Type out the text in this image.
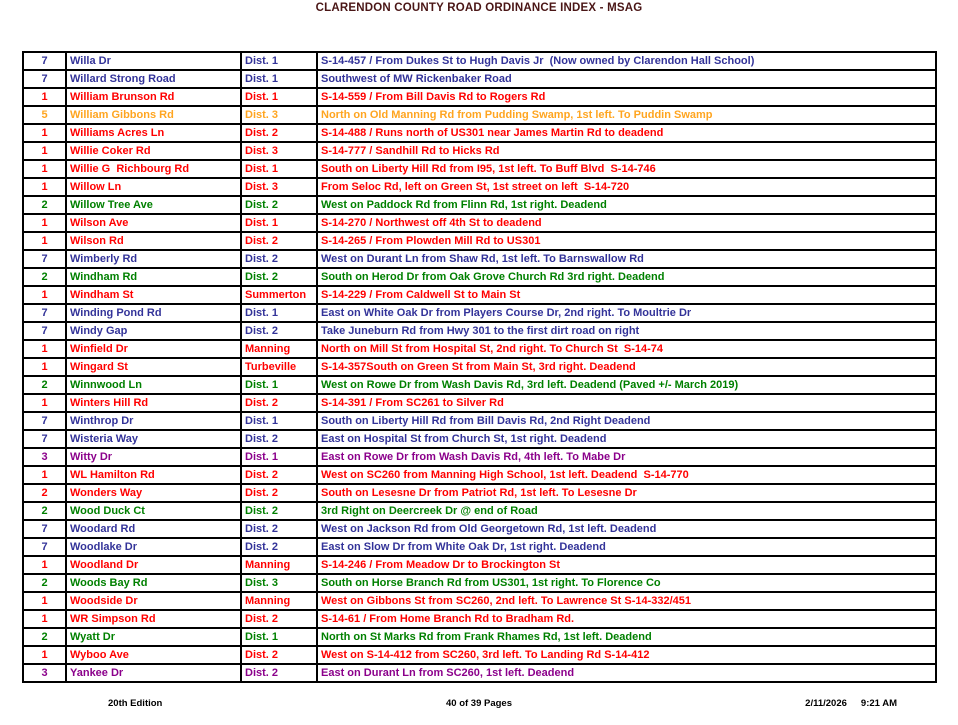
CLARENDON COUNTY ROAD ORDINANCE INDEX - MSAG
7	Willa Dr	Dist. 1	S-14-457 / From Dukes St to Hugh Davis Jr  (Now owned by Clarendon Hall School)
7	Willard Strong Road	Dist. 1	Southwest of MW Rickenbaker Road
1	William Brunson Rd	Dist. 1	S-14-559 / From Bill Davis Rd to Rogers Rd
5	William Gibbons Rd	Dist. 3	North on Old Manning Rd from Pudding Swamp, 1st left. To Puddin Swamp
1	Williams Acres Ln	Dist. 2	S-14-488 / Runs north of US301 near James Martin Rd to deadend
1	Willie Coker Rd	Dist. 3	S-14-777 / Sandhill Rd to Hicks Rd
1	Willie G  Richbourg Rd	Dist. 1	South on Liberty Hill Rd from I95, 1st left. To Buff Blvd  S-14-746
1	Willow Ln	Dist. 3	From Seloc Rd, left on Green St, 1st street on left  S-14-720
2	Willow Tree Ave	Dist. 2	West on Paddock Rd from Flinn Rd, 1st right. Deadend
1	Wilson Ave	Dist. 1	S-14-270 / Northwest off 4th St to deadend
1	Wilson Rd	Dist. 2	S-14-265 / From Plowden Mill Rd to US301
7	Wimberly Rd	Dist. 2	West on Durant Ln from Shaw Rd, 1st left. To Barnswallow Rd
2	Windham Rd	Dist. 2	South on Herod Dr from Oak Grove Church Rd 3rd right. Deadend
1	Windham St	Summerton	S-14-229 / From Caldwell St to Main St
7	Winding Pond Rd	Dist. 1	East on White Oak Dr from Players Course Dr, 2nd right. To Moultrie Dr
7	Windy Gap	Dist. 2	Take Juneburn Rd from Hwy 301 to the first dirt road on right
1	Winfield Dr	Manning	North on Mill St from Hospital St, 2nd right. To Church St  S-14-74
1	Wingard St	Turbeville	S-14-357South on Green St from Main St, 3rd right. Deadend
2	Winnwood Ln	Dist. 1	West on Rowe Dr from Wash Davis Rd, 3rd left. Deadend (Paved +/- March 2019)
1	Winters Hill Rd	Dist. 2	S-14-391 / From SC261 to Silver Rd
7	Winthrop Dr	Dist. 1	South on Liberty Hill Rd from Bill Davis Rd, 2nd Right Deadend
7	Wisteria Way	Dist. 2	East on Hospital St from Church St, 1st right. Deadend
3	Witty Dr	Dist. 1	East on Rowe Dr from Wash Davis Rd, 4th left. To Mabe Dr
1	WL Hamilton Rd	Dist. 2	West on SC260 from Manning High School, 1st left. Deadend  S-14-770
2	Wonders Way	Dist. 2	South on Lesesne Dr from Patriot Rd, 1st left. To Lesesne Dr
2	Wood Duck Ct	Dist. 2	3rd Right on Deercreek Dr @ end of Road
7	Woodard Rd	Dist. 2	West on Jackson Rd from Old Georgetown Rd, 1st left. Deadend
7	Woodlake Dr	Dist. 2	East on Slow Dr from White Oak Dr, 1st right. Deadend
1	Woodland Dr	Manning	S-14-246 / From Meadow Dr to Brockington St
2	Woods Bay Rd	Dist. 3	South on Horse Branch Rd from US301, 1st right. To Florence Co
1	Woodside Dr	Manning	West on Gibbons St from SC260, 2nd left. To Lawrence St S-14-332/451
1	WR Simpson Rd	Dist. 2	S-14-61 / From Home Branch Rd to Bradham Rd.
2	Wyatt Dr	Dist. 1	North on St Marks Rd from Frank Rhames Rd, 1st left. Deadend
1	Wyboo Ave	Dist. 2	West on S-14-412 from SC260, 3rd left. To Landing Rd S-14-412
3	Yankee Dr	Dist. 2	East on Durant Ln from SC260, 1st left. Deadend
20th Edition	40 of 39 Pages	2/11/2026 9:21 AM
